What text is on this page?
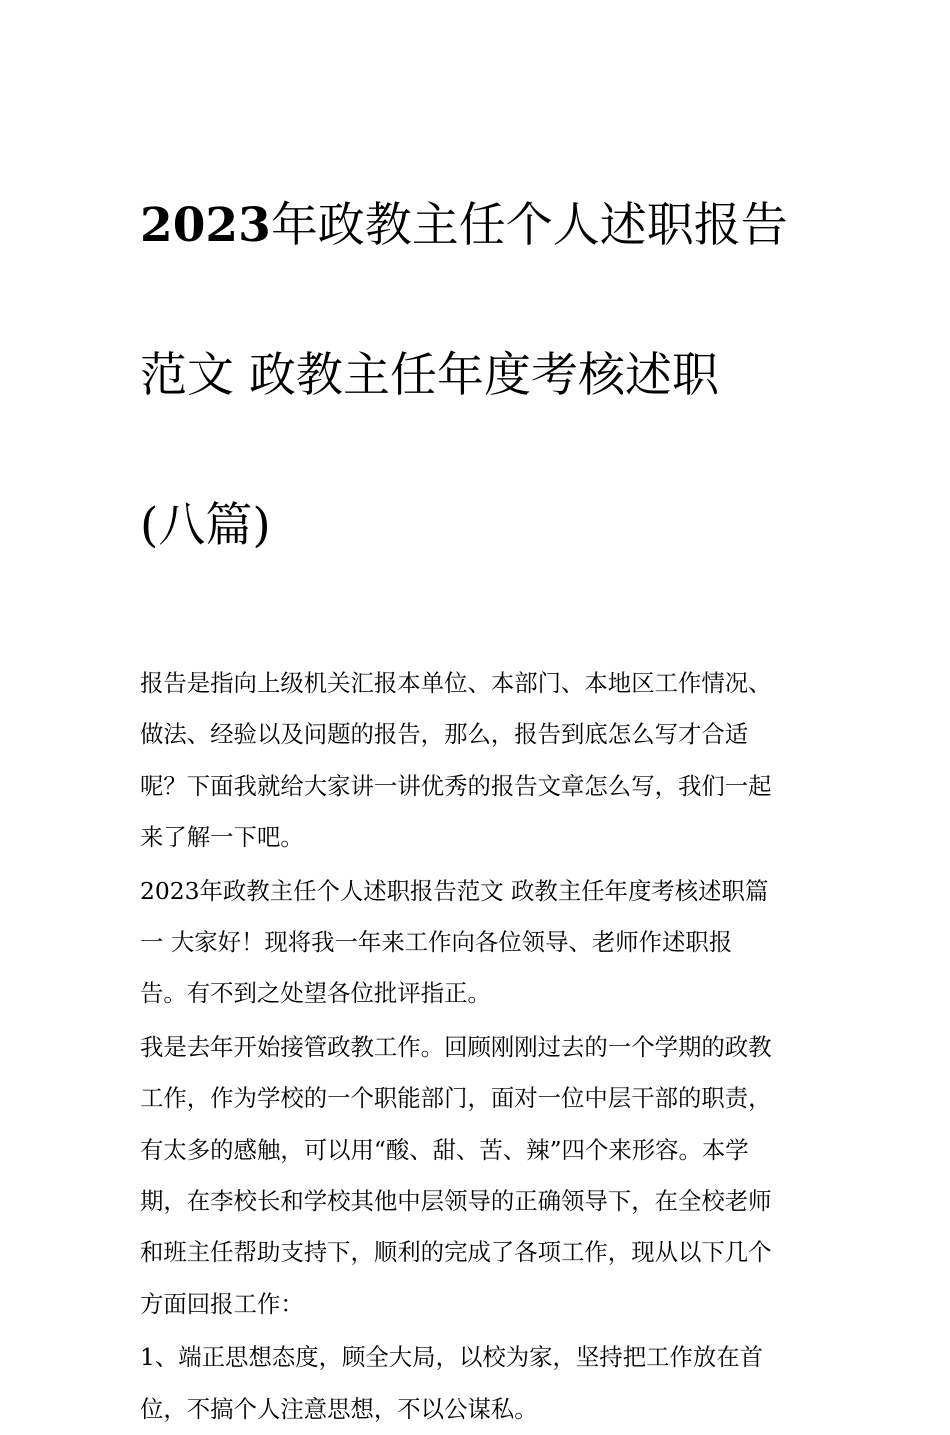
2023年政教主任个人述职报告

范文 政教主任年度考核述职

(八篇)

报告是指向上级机关汇报本单位、本部门、本地区工作情况、
做法、经验以及问题的报告，那么，报告到底怎么写才合适
呢？下面我就给大家讲一讲优秀的报告文章怎么写，我们一起
来了解一下吧。

2023年政教主任个人述职报告范文 政教主任年度考核述职篇
一 大家好！现将我一年来工作向各位领导、老师作述职报
告。有不到之处望各位批评指正。

我是去年开始接管政教工作。回顾刚刚过去的一个学期的政教
工作，作为学校的一个职能部门，面对一位中层干部的职责，
有太多的感触，可以用“酸、甜、苦、辣”四个来形容。本学
期，在李校长和学校其他中层领导的正确领导下，在全校老师
和班主任帮助支持下，顺利的完成了各项工作，现从以下几个
方面回报工作：

1、端正思想态度，顾全大局，以校为家，坚持把工作放在首
位，不搞个人注意思想，不以公谋私。
